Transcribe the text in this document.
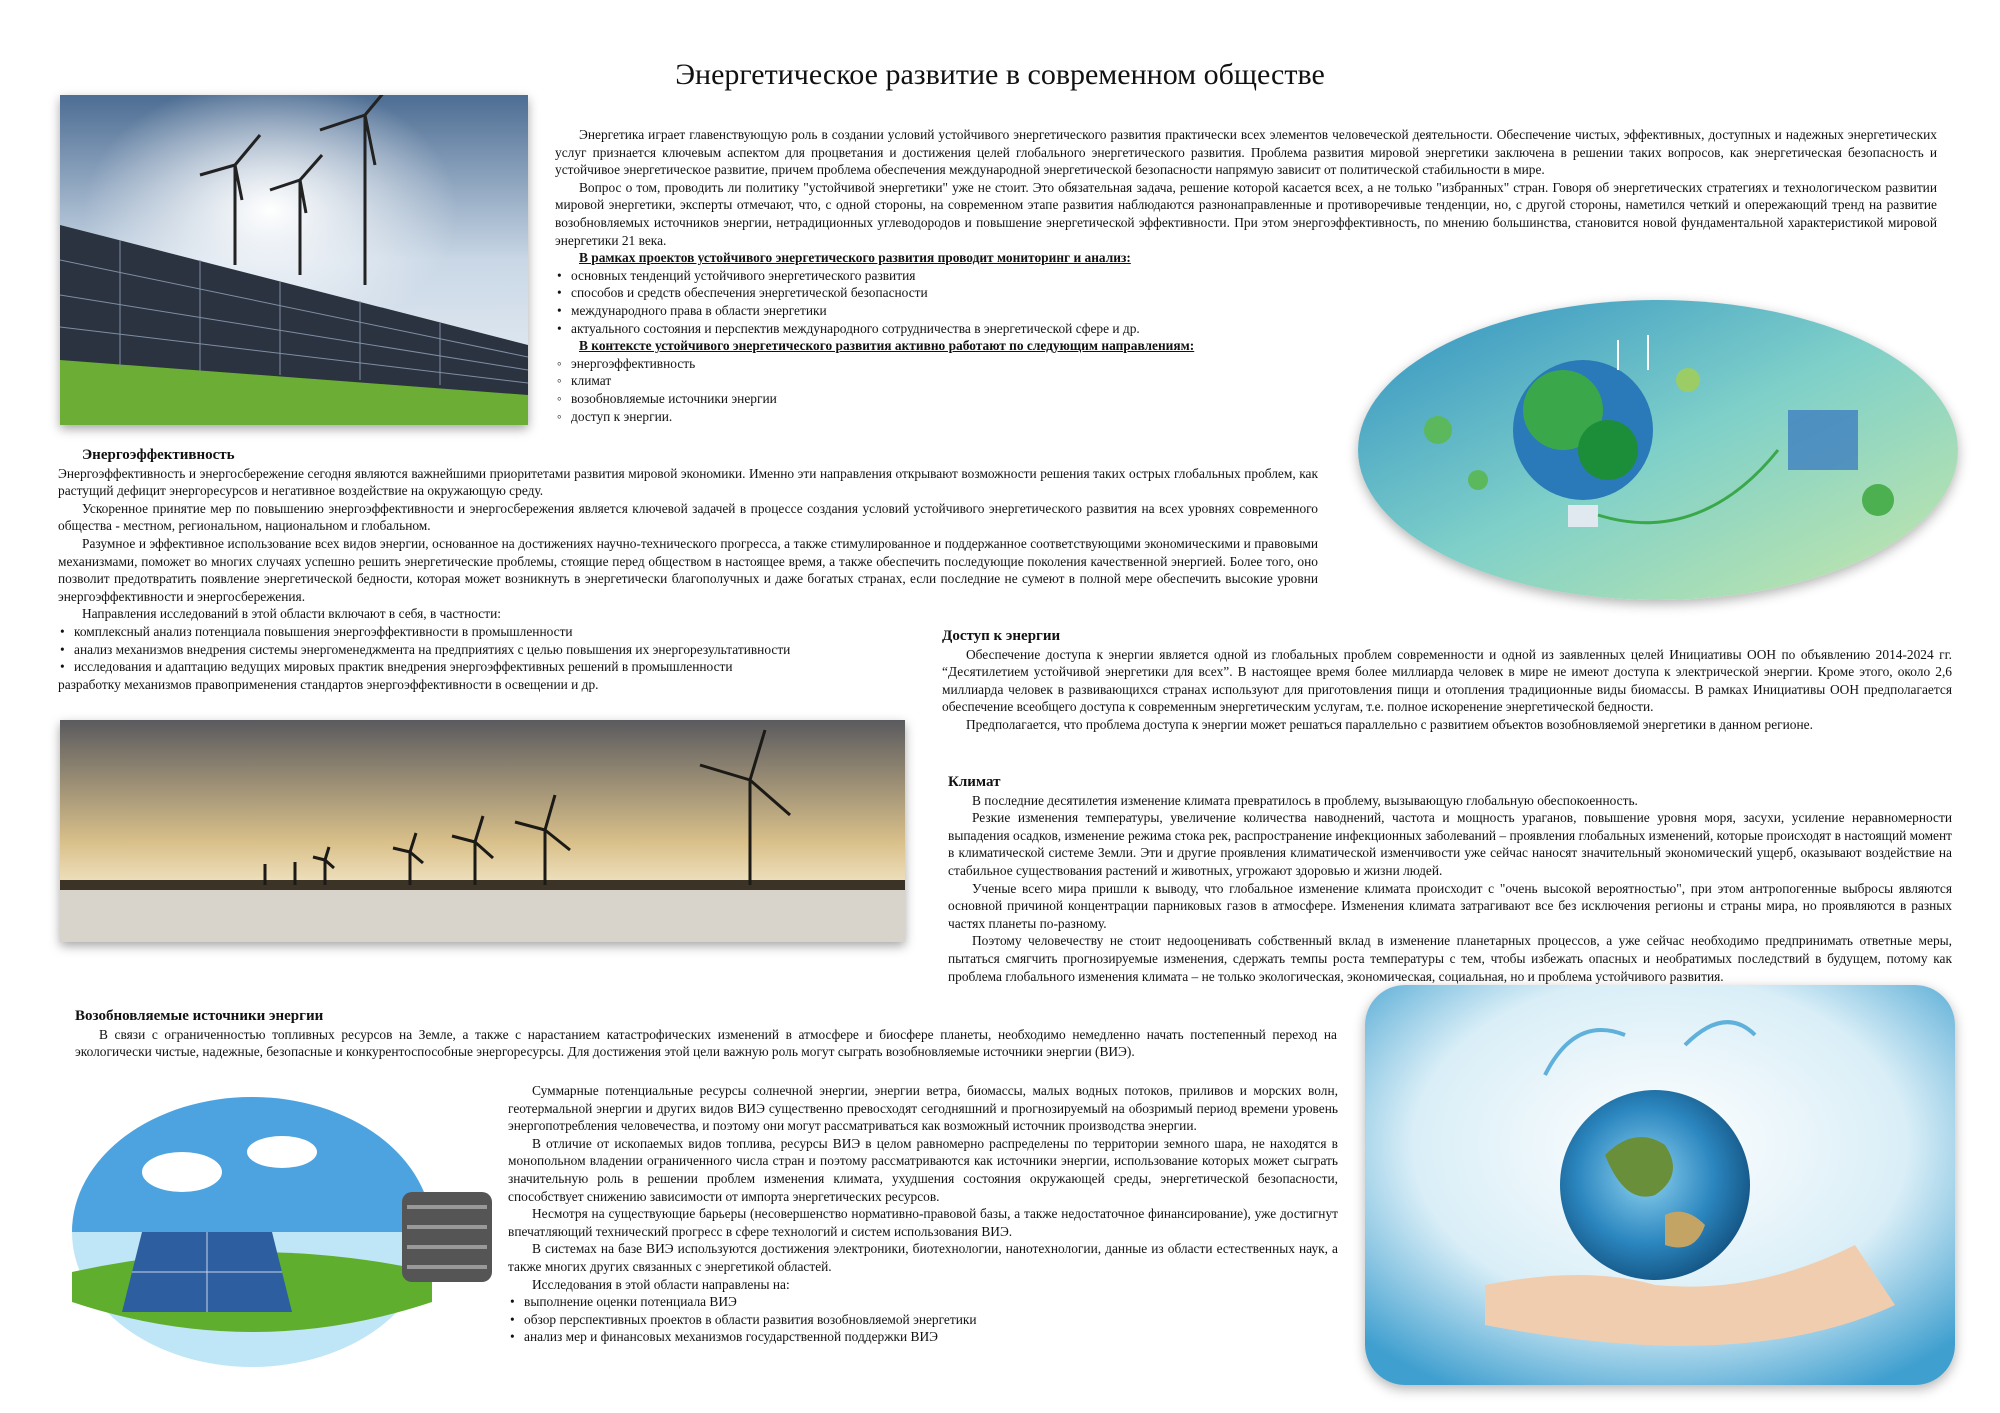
Энергетическое развитие в современном обществе

Энергетика играет главенствующую роль в создании условий устойчивого энергетического развития практически всех элементов человеческой деятельности. Обеспечение чистых, эффективных, доступных и надежных энергетических услуг признается ключевым аспектом для процветания и достижения целей глобального энергетического развития. Проблема развития мировой энергетики заключена в решении таких вопросов, как энергетическая безопасность и устойчивое энергетическое развитие, причем проблема обеспечения международной энергетической безопасности напрямую зависит от политической стабильности в мире.

Вопрос о том, проводить ли политику "устойчивой энергетики" уже не стоит. Это обязательная задача, решение которой касается всех, а не только "избранных" стран. Говоря об энергетических стратегиях и технологическом развитии мировой энергетики, эксперты отмечают, что, с одной стороны, на современном этапе развития наблюдаются разнонаправленные и противоречивые тенденции, но, с другой стороны, наметился четкий и опережающий тренд на развитие возобновляемых источников энергии, нетрадиционных углеводородов и повышение энергетической эффективности. При этом энергоэффективность, по мнению большинства, становится новой фундаментальной характеристикой мировой энергетики 21 века.

В рамках проектов устойчивого энергетического развития проводит мониторинг и анализ:

• основных тенденций устойчивого энергетического развития
• способов и средств обеспечения энергетической безопасности
• международного права в области энергетики
• актуального состояния и перспектив международного сотрудничества в энергетической сфере и др.

В контексте устойчивого энергетического развития активно работают по следующим направлениям:

◦ энергоэффективность
◦ климат
◦ возобновляемые источники энергии
◦ доступ к энергии.
Энергоэффективность

Энергоэффективность и энергосбережение сегодня являются важнейшими приоритетами развития мировой экономики. Именно эти направления открывают возможности решения таких острых глобальных проблем, как растущий дефицит энергоресурсов и негативное воздействие на окружающую среду.

Ускоренное принятие мер по повышению энергоэффективности и энергосбережения является ключевой задачей в процессе создания условий устойчивого энергетического развития на всех уровнях современного общества - местном, региональном, национальном и глобальном.

Разумное и эффективное использование всех видов энергии, основанное на достижениях научно-технического прогресса, а также стимулированное и поддержанное соответствующими экономическими и правовыми механизмами, поможет во многих случаях успешно решить энергетические проблемы, стоящие перед обществом в настоящее время, а также обеспечить последующие поколения качественной энергией. Более того, оно позволит предотвратить появление энергетической бедности, которая может возникнуть в энергетически благополучных и даже богатых странах, если последние не сумеют в полной мере обеспечить высокие уровни энергоэффективности и энергосбережения.

Направления исследований в этой области включают в себя, в частности:

• комплексный анализ потенциала повышения энергоэффективности в промышленности
• анализ механизмов внедрения системы энергоменеджмента на предприятиях с целью повышения их энергорезультативности
• исследования и адаптацию ведущих мировых практик внедрения энергоэффективных решений в промышленности

разработку механизмов правоприменения стандартов энергоэффективности в освещении и др.

Доступ к энергии

Обеспечение доступа к энергии является одной из глобальных проблем современности и одной из заявленных целей Инициативы ООН по объявлению 2014-2024 гг. “Десятилетием устойчивой энергетики для всех”. В настоящее время более миллиарда человек в мире не имеют доступа к электрической энергии. Кроме этого, около 2,6 миллиарда человек в развивающихся странах используют для приготовления пищи и отопления традиционные виды биомассы. В рамках Инициативы ООН предполагается обеспечение всеобщего доступа к современным энергетическим услугам, т.е. полное искоренение энергетической бедности.

Предполагается, что проблема доступа к энергии может решаться параллельно с развитием объектов возобновляемой энергетики в данном регионе.

Климат

В последние десятилетия изменение климата превратилось в проблему, вызывающую глобальную обеспокоенность.

Резкие изменения температуры, увеличение количества наводнений, частота и мощность ураганов, повышение уровня моря, засухи, усиление неравномерности выпадения осадков, изменение режима стока рек, распространение инфекционных заболеваний – проявления глобальных изменений, которые происходят в настоящий момент в климатической системе Земли. Эти и другие проявления климатической изменчивости уже сейчас наносят значительный экономический ущерб, оказывают воздействие на стабильное существования растений и животных, угрожают здоровью и жизни людей.

Ученые всего мира пришли к выводу, что глобальное изменение климата происходит с "очень высокой вероятностью", при этом антропогенные выбросы являются основной причиной концентрации парниковых газов в атмосфере. Изменения климата затрагивают все без исключения регионы и страны мира, но проявляются в разных частях планеты по-разному.

Поэтому человечеству не стоит недооценивать собственный вклад в изменение планетарных процессов, а уже сейчас необходимо предпринимать ответные меры, пытаться смягчить прогнозируемые изменения, сдержать темпы роста температуры с тем, чтобы избежать опасных и необратимых последствий в будущем, потому как проблема глобального изменения климата – не только экологическая, экономическая, социальная, но и проблема устойчивого развития.

Возобновляемые источники энергии

В связи с ограниченностью топливных ресурсов на Земле, а также с нарастанием катастрофических изменений в атмосфере и биосфере планеты, необходимо немедленно начать постепенный переход на экологически чистые, надежные, безопасные и конкурентоспособные энергоресурсы. Для достижения этой цели важную роль могут сыграть возобновляемые источники энергии (ВИЭ).

Суммарные потенциальные ресурсы солнечной энергии, энергии ветра, биомассы, малых водных потоков, приливов и морских волн, геотермальной энергии и других видов ВИЭ существенно превосходят сегодняшний и прогнозируемый на обозримый период времени уровень энергопотребления человечества, и поэтому они могут рассматриваться как возможный источник производства энергии.

В отличие от ископаемых видов топлива, ресурсы ВИЭ в целом равномерно распределены по территории земного шара, не находятся в монопольном владении ограниченного числа стран и поэтому рассматриваются как источники энергии, использование которых может сыграть значительную роль в решении проблем изменения климата, ухудшения состояния окружающей среды, энергетической безопасности, способствует снижению зависимости от импорта энергетических ресурсов.

Несмотря на существующие барьеры (несовершенство нормативно-правовой базы, а также недостаточное финансирование), уже достигнут впечатляющий технический прогресс в сфере технологий и систем использования ВИЭ.

В системах на базе ВИЭ используются достижения электроники, биотехнологии, нанотехнологии, данные из области естественных наук, а также многих других связанных с энергетикой областей.

Исследования в этой области направлены на:

• выполнение оценки потенциала ВИЭ
• обзор перспективных проектов в области развития возобновляемой энергетики
• анализ мер и финансовых механизмов государственной поддержки ВИЭ
